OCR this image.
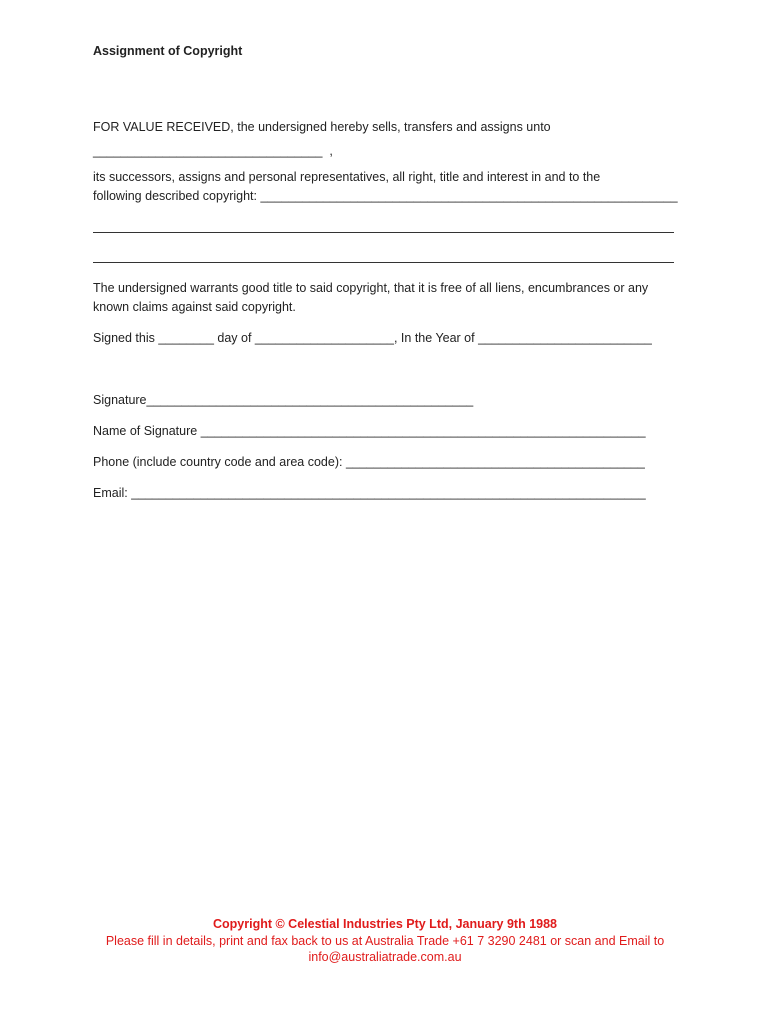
Assignment of Copyright
FOR VALUE RECEIVED, the undersigned hereby sells, transfers and assigns unto
_________________________________  ,
its successors, assigns and personal representatives, all right, title and interest in and to the
following described copyright: ____________________________________________________________
The undersigned warrants good title to said copyright, that it is free of all liens, encumbrances or any
known claims against said copyright.
Signed this ________ day of ____________________, In the Year of _________________________
Signature_______________________________________________
Name of Signature ________________________________________________________________
Phone (include country code and area code): ___________________________________________
Email: __________________________________________________________________________
Copyright © Celestial Industries Pty Ltd, January 9th 1988
Please fill in details, print and fax back to us at Australia Trade +61 7 3290 2481 or scan and Email to
info@australiatrade.com.au
